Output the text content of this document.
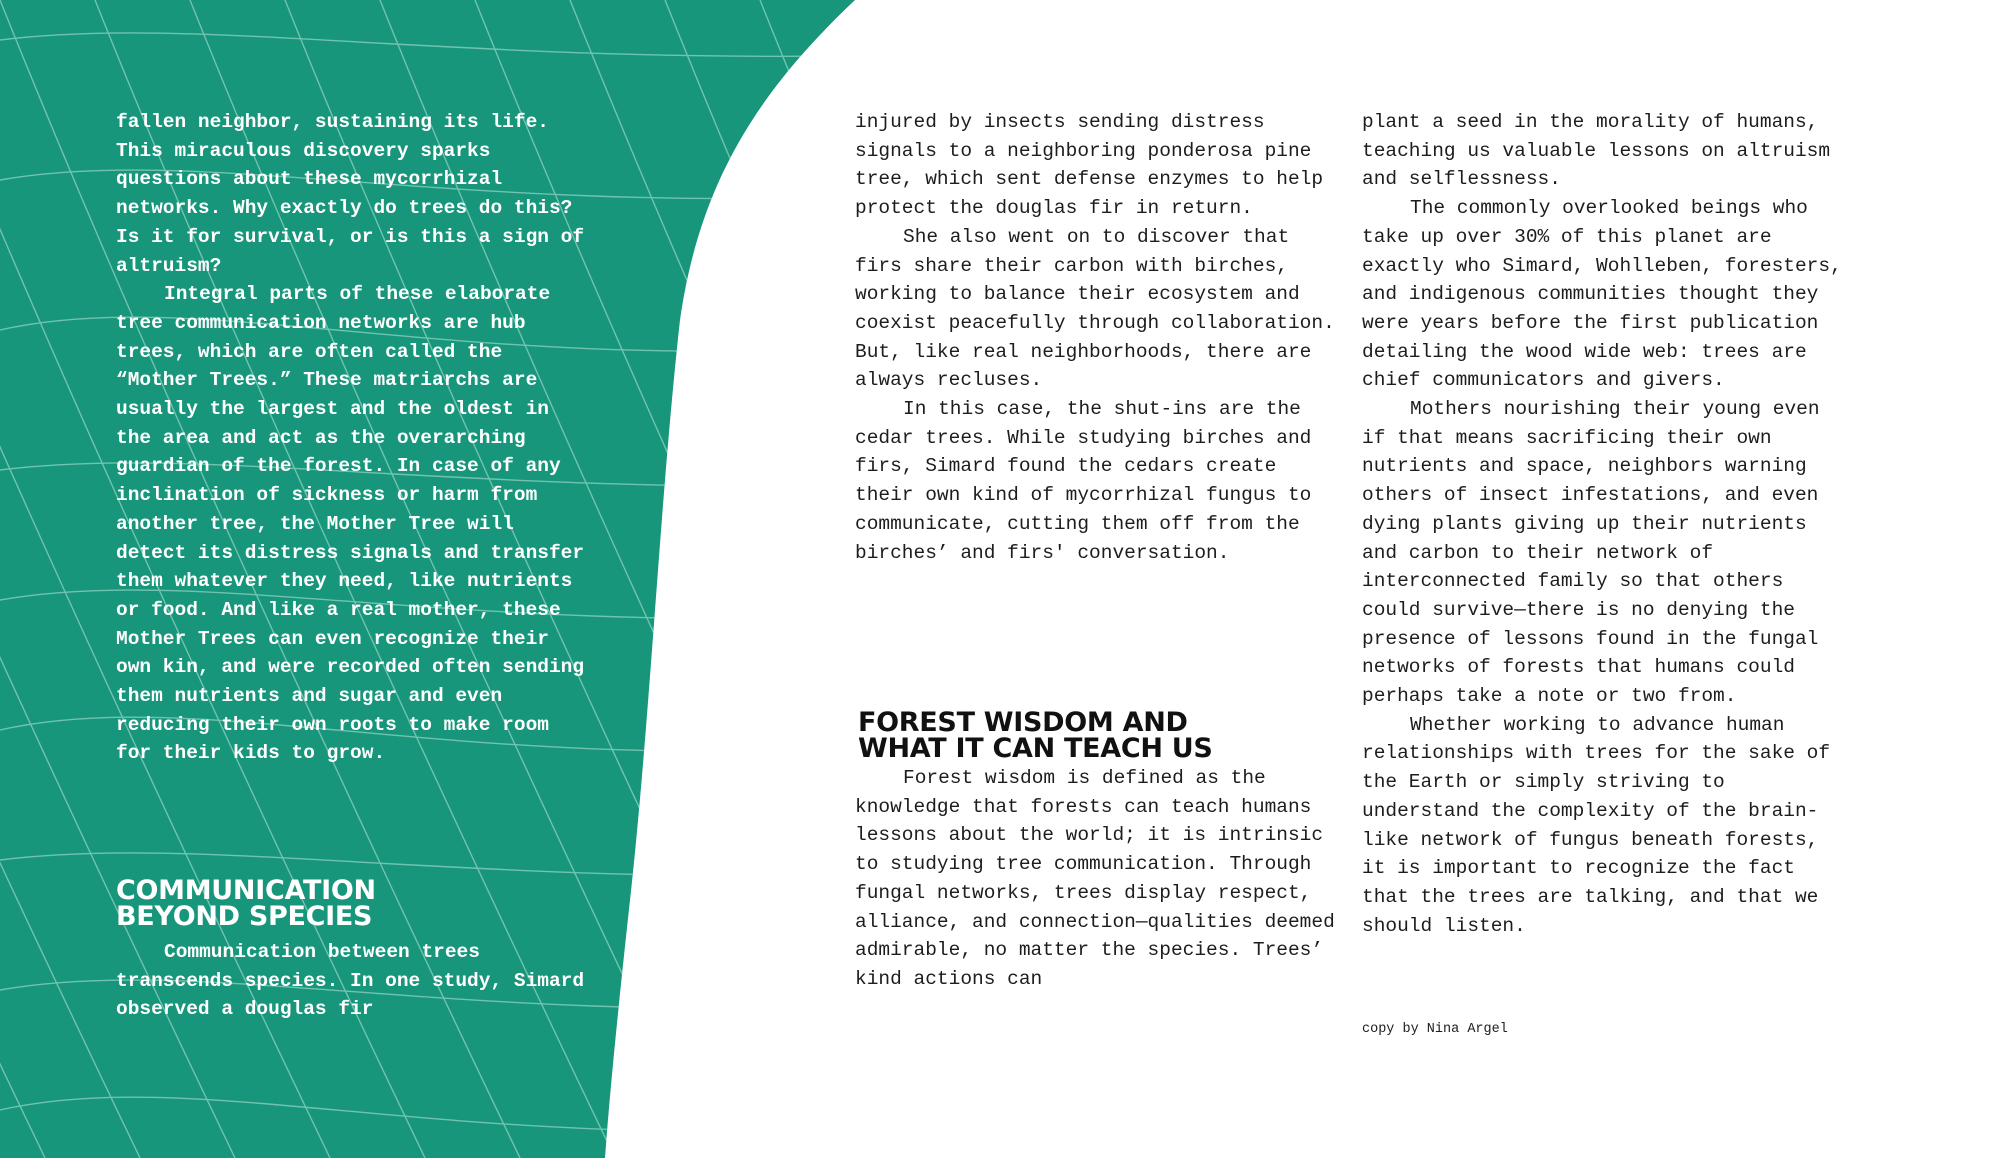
fallen neighbor, sustaining its life. This miraculous discovery sparks questions about these mycorrhizal networks. Why exactly do trees do this? Is it for survival, or is this a sign of altruism?

Integral parts of these elaborate tree communication networks are hub trees, which are often called the “Mother Trees.” These matriarchs are usually the largest and the oldest in the area and act as the overarching guardian of the forest. In case of any inclination of sickness or harm from another tree, the Mother Tree will detect its distress signals and transfer them whatever they need, like nutrients or food. And like a real mother, these Mother Trees can even recognize their own kin, and were recorded often sending them nutrients and sugar and even reducing their own roots to make room for their kids to grow.

COMMUNICATION
BEYOND SPECIES

Communication between trees transcends species. In one study, Simard observed a douglas fir

injured by insects sending distress signals to a neighboring ponderosa pine tree, which sent defense enzymes to help protect the douglas fir in return.

She also went on to discover that firs share their carbon with birches, working to balance their ecosystem and coexist peacefully through collaboration. But, like real neighborhoods, there are always recluses.

In this case, the shut-ins are the cedar trees. While studying birches and firs, Simard found the cedars create their own kind of mycorrhizal fungus to communicate, cutting them off from the birches’ and firs' conversation.

FOREST WISDOM AND
WHAT IT CAN TEACH US

Forest wisdom is defined as the knowledge that forests can teach humans lessons about the world; it is intrinsic to studying tree communication. Through fungal networks, trees display respect, alliance, and connection—qualities deemed admirable, no matter the species. Trees’ kind actions can

plant a seed in the morality of humans, teaching us valuable lessons on altruism and selflessness.

The commonly overlooked beings who take up over 30% of this planet are exactly who Simard, Wohlleben, foresters, and indigenous communities thought they were years before the first publication detailing the wood wide web: trees are chief communicators and givers.

Mothers nourishing their young even if that means sacrificing their own nutrients and space, neighbors warning others of insect infestations, and even dying plants giving up their nutrients and carbon to their network of interconnected family so that others could survive—there is no denying the presence of lessons found in the fungal networks of forests that humans could perhaps take a note or two from.

Whether working to advance human relationships with trees for the sake of the Earth or simply striving to understand the complexity of the brain-like network of fungus beneath forests, it is important to recognize the fact that the trees are talking, and that we should listen.

copy by Nina Argel
